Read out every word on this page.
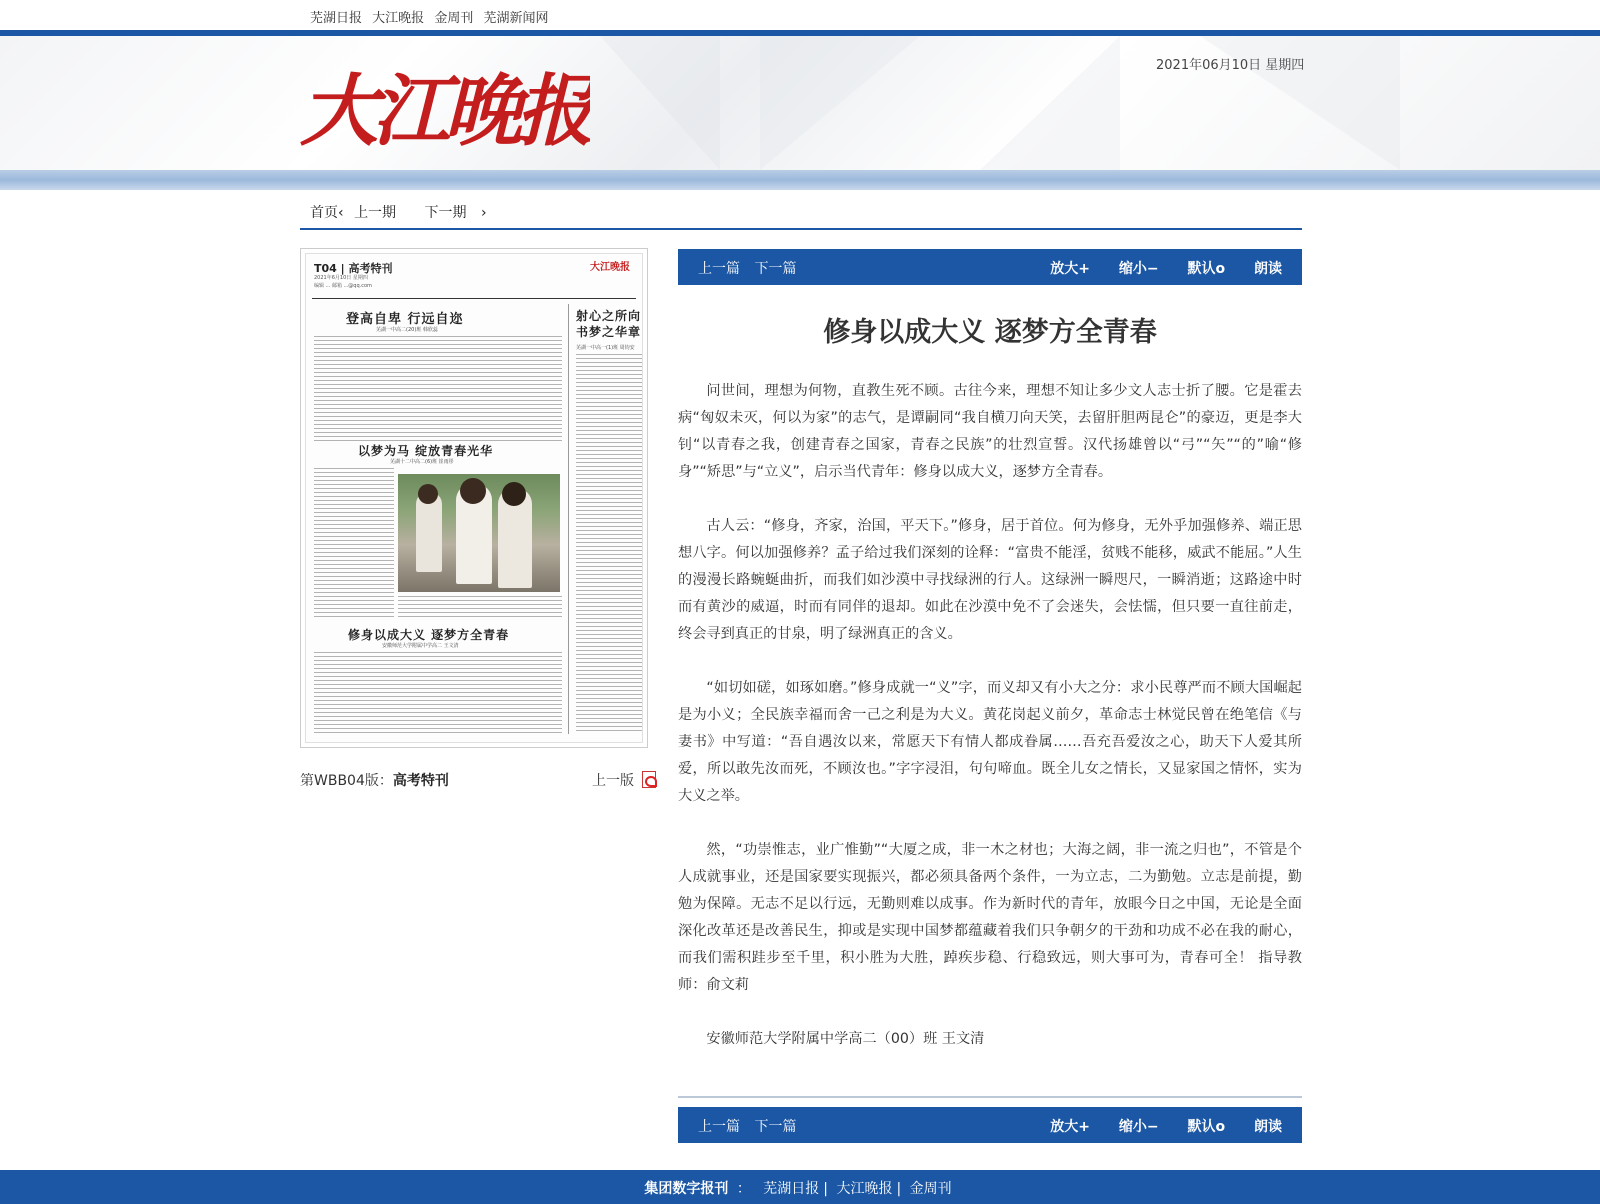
芜湖日报 大江晚报 金周刊 芜湖新闻网
大江晚报
2021年06月10日 星期四
首页‹ 上一期 下一期 ›
T04 | 高考特刊	大江晚报
2021年6月10日 星期四
编辑 ... 邮箱 ...@qq.com
登高自卑 行远自迩
芜湖一中高二(20)班 韩欣蕊
射心之所向 书梦之华章
芜湖一中高一(1)班 周钧安
以梦为马 绽放青春光华
芜湖十二中高二(6)班 崔雨彤
修身以成大义 逐梦方全青春
安徽师范大学附属中学高二 王文清
第WBB04版：高考特刊	上一版
上一篇 下一篇	放大+ 缩小− 默认o 朗读
修身以成大义 逐梦方全青春

问世间，理想为何物，直教生死不顾。古往今来，理想不知让多少文人志士折了腰。它是霍去病“匈奴未灭，何以为家”的志气，是谭嗣同“我自横刀向天笑，去留肝胆两昆仑”的豪迈，更是李大钊“以青春之我，创建青春之国家，青春之民族”的壮烈宣誓。汉代扬雄曾以“弓”“矢”“的”喻“修身”“矫思”与“立义”，启示当代青年：修身以成大义，逐梦方全青春。

古人云：“修身，齐家，治国，平天下。”修身，居于首位。何为修身，无外乎加强修养、端正思想八字。何以加强修养？孟子给过我们深刻的诠释：“富贵不能淫，贫贱不能移，威武不能屈。”人生的漫漫长路蜿蜒曲折，而我们如沙漠中寻找绿洲的行人。这绿洲一瞬咫尺，一瞬消逝；这路途中时而有黄沙的威逼，时而有同伴的退却。如此在沙漠中免不了会迷失，会怯懦，但只要一直往前走，终会寻到真正的甘泉，明了绿洲真正的含义。

“如切如磋，如琢如磨。”修身成就一“义”字，而义却又有小大之分：求小民尊严而不顾大国崛起是为小义；全民族幸福而舍一己之利是为大义。黄花岗起义前夕，革命志士林觉民曾在绝笔信《与妻书》中写道：“吾自遇汝以来，常愿天下有情人都成眷属……吾充吾爱汝之心，助天下人爱其所爱，所以敢先汝而死，不顾汝也。”字字浸泪，句句啼血。既全儿女之情长，又显家国之情怀，实为大义之举。

然，“功崇惟志，业广惟勤”“大厦之成，非一木之材也；大海之阔，非一流之归也”，不管是个人成就事业，还是国家要实现振兴，都必须具备两个条件，一为立志，二为勤勉。立志是前提，勤勉为保障。无志不足以行远，无勤则难以成事。作为新时代的青年，放眼今日之中国，无论是全面深化改革还是改善民生，抑或是实现中国梦都蕴藏着我们只争朝夕的干劲和功成不必在我的耐心，而我们需积跬步至千里，积小胜为大胜，踔疾步稳、行稳致远，则大事可为，青春可全！ 指导教师：俞文莉

安徽师范大学附属中学高二（00）班 王文清

上一篇 下一篇	放大+ 缩小− 默认o 朗读
集团数字报刊 ： 芜湖日报 | 大江晚报 | 金周刊
